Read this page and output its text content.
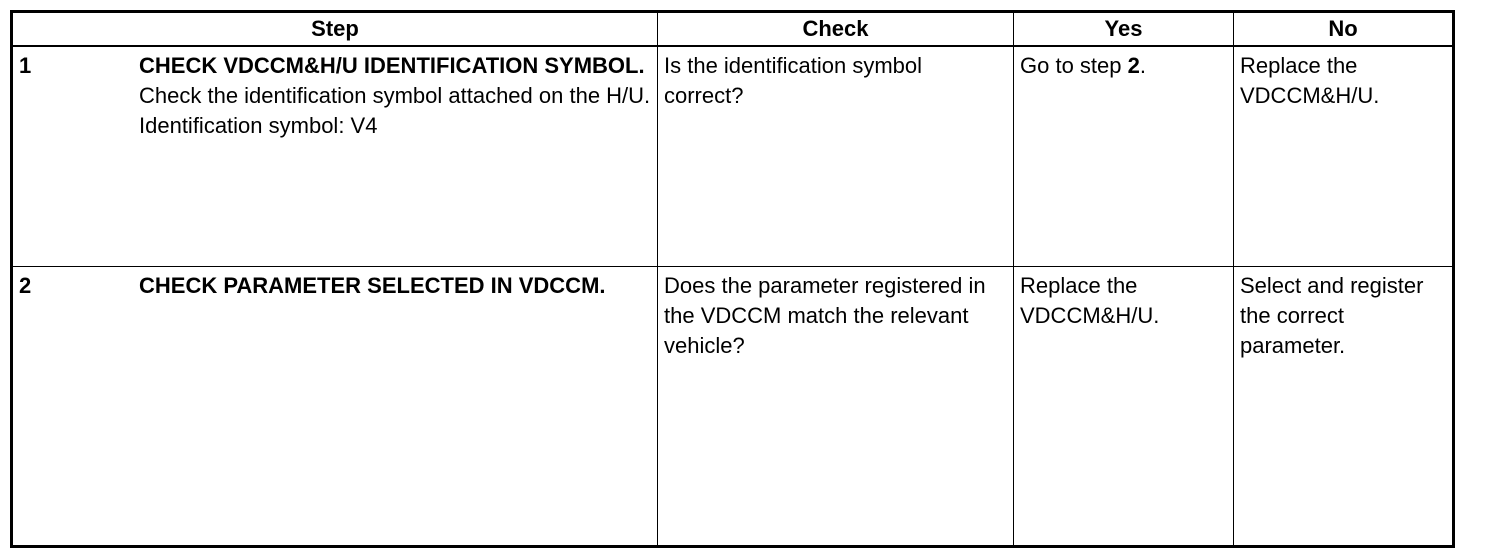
Step	Check	Yes	No

1 CHECK VDCCM&H/U IDENTIFICATION SYMBOL.
Check the identification symbol attached on the H/U.
Identification symbol: V4	Is the identification symbol correct?	Go to step 2.	Replace the VDCCM&H/U.

2 CHECK PARAMETER SELECTED IN VDCCM.	Does the parameter registered in the VDCCM match the relevant vehicle?	Replace the VDCCM&H/U.	Select and register the correct parameter.
